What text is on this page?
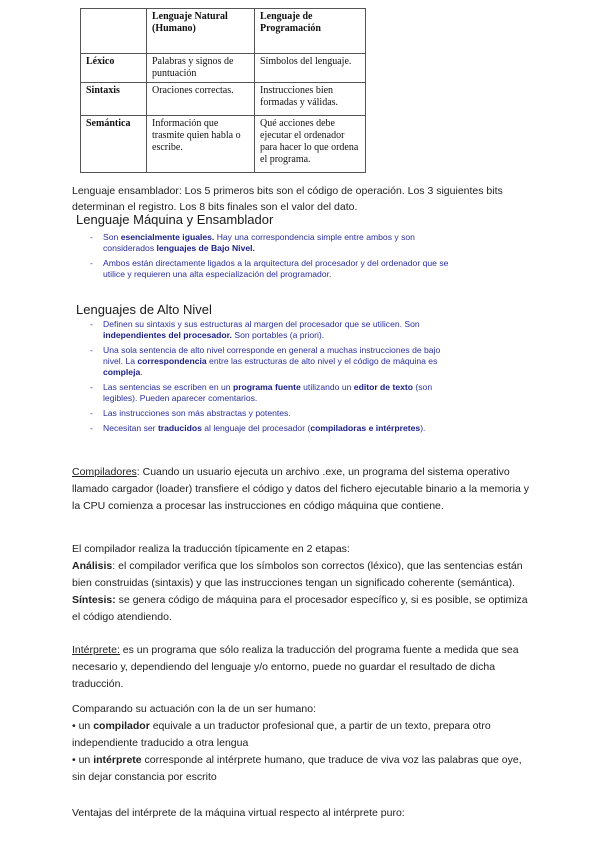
	Lenguaje Natural (Humano)	Lenguaje de Programación
Léxico	Palabras y signos de puntuación	Símbolos del lenguaje.
Sintaxis	Oraciones correctas.	Instrucciones bien formadas y válidas.
Semántica	Información que trasmite quien habla o escribe.	Qué acciones debe ejecutar el ordenador para hacer lo que ordena el programa.
Lenguaje ensamblador: Los 5 primeros bits son el código de operación. Los 3 siguientes bits determinan el registro. Los 8 bits finales son el valor del dato.
Lenguaje Máquina y Ensamblador
- Son esencialmente iguales. Hay una correspondencia simple entre ambos y son considerados lenguajes de Bajo Nivel.
- Ambos están directamente ligados a la arquitectura del procesador y del ordenador que se utilice y requieren una alta especialización del programador.
Lenguajes de Alto Nivel
- Definen su sintaxis y sus estructuras al margen del procesador que se utilicen. Son independientes del procesador. Son portables (a priori).
- Una sola sentencia de alto nivel corresponde en general a muchas instrucciones de bajo nivel. La correspondencia entre las estructuras de alto nivel y el código de máquina es compleja.
- Las sentencias se escriben en un programa fuente utilizando un editor de texto (son legibles). Pueden aparecer comentarios.
- Las instrucciones son más abstractas y potentes.
- Necesitan ser traducidos al lenguaje del procesador (compiladoras e intérpretes).
Compiladores: Cuando un usuario ejecuta un archivo .exe, un programa del sistema operativo llamado cargador (loader) transfiere el código y datos del fichero ejecutable binario a la memoria y la CPU comienza a procesar las instrucciones en código máquina que contiene.
El compilador realiza la traducción típicamente en 2 etapas:
Análisis: el compilador verifica que los símbolos son correctos (léxico), que las sentencias están bien construidas (sintaxis) y que las instrucciones tengan un significado coherente (semántica).
Síntesis: se genera código de máquina para el procesador específico y, si es posible, se optimiza el código atendiendo.
Intérprete: es un programa que sólo realiza la traducción del programa fuente a medida que sea necesario y, dependiendo del lenguaje y/o entorno, puede no guardar el resultado de dicha traducción.
Comparando su actuación con la de un ser humano:
• un compilador equivale a un traductor profesional que, a partir de un texto, prepara otro independiente traducido a otra lengua
• un intérprete corresponde al intérprete humano, que traduce de viva voz las palabras que oye, sin dejar constancia por escrito
Ventajas del intérprete de la máquina virtual respecto al intérprete puro:
